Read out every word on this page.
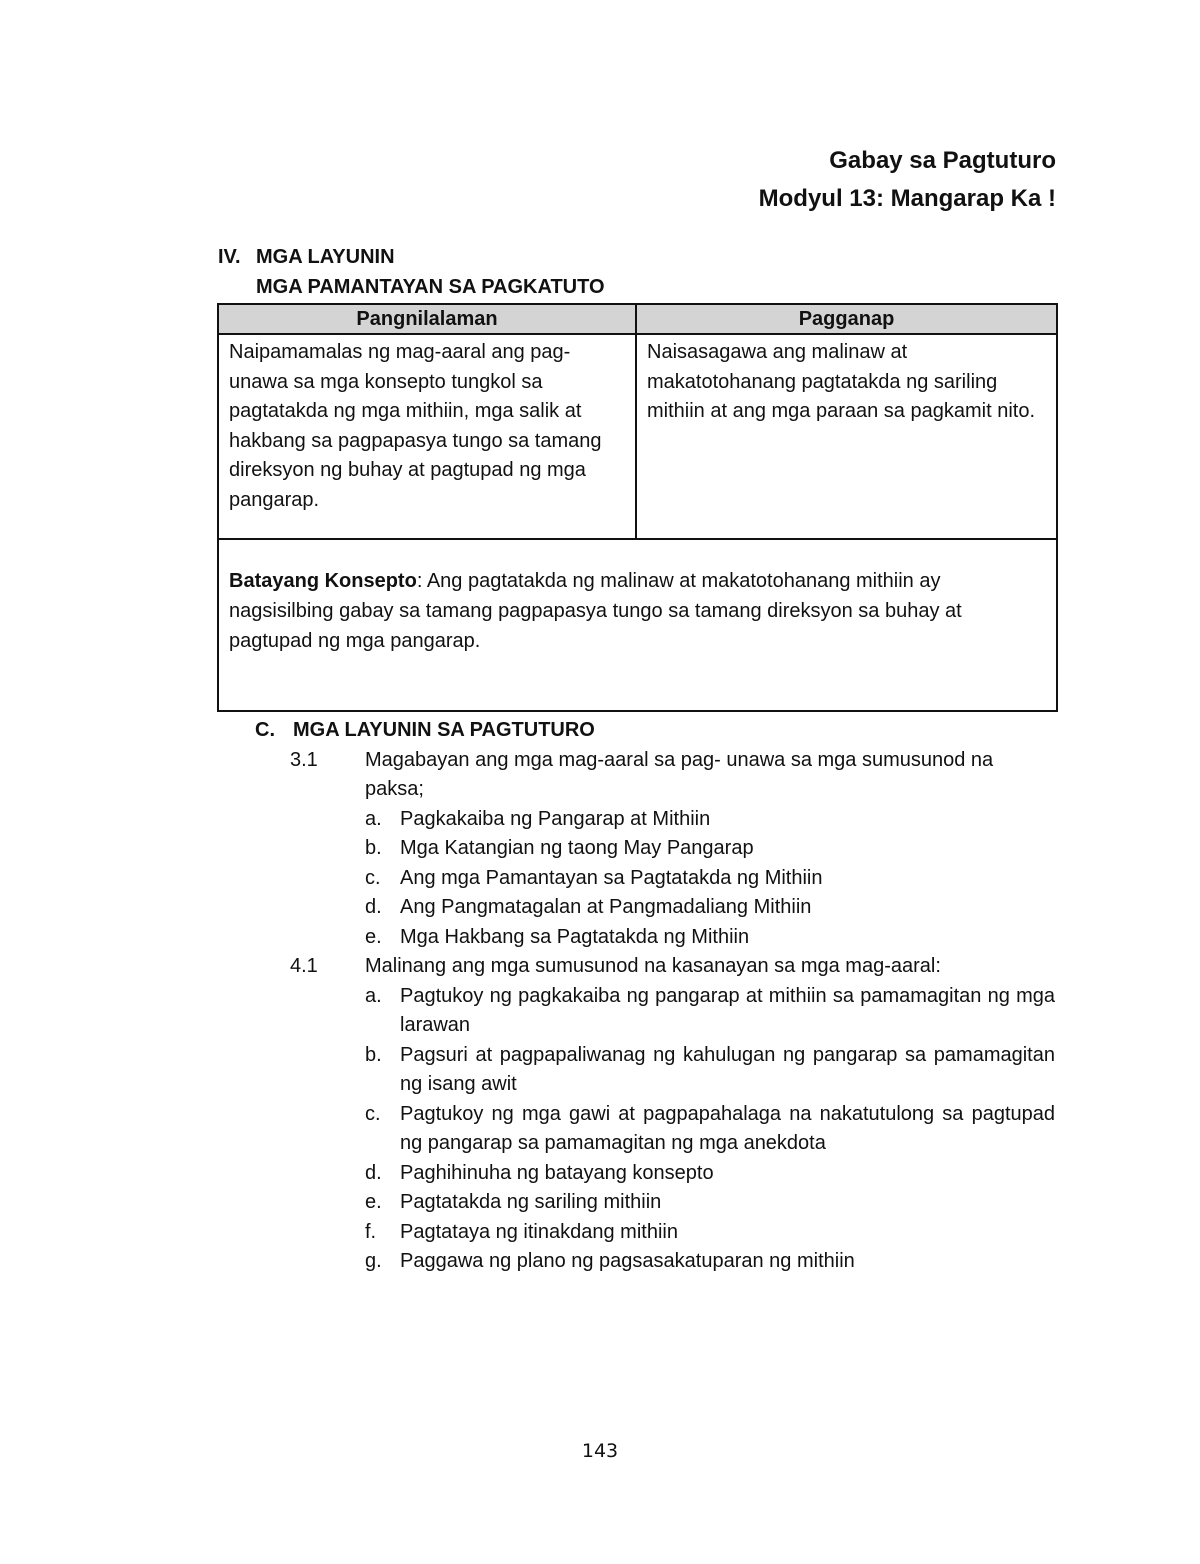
Gabay sa Pagtuturo
Modyul 13: Mangarap Ka !
IV. MGA LAYUNIN
MGA PAMANTAYAN SA PAGKATUTO
Pangnilalaman	Pagganap
Naipamamalas ng mag-aaral ang pag-unawa sa mga konsepto tungkol sa pagtatakda ng mga mithiin, mga salik at hakbang sa pagpapasya tungo sa tamang direksyon ng buhay at pagtupad ng mga pangarap.	Naisasagawa ang malinaw at makatotohanang pagtatakda ng sariling mithiin at ang mga paraan sa pagkamit nito.
Batayang Konsepto: Ang pagtatakda ng malinaw at makatotohanang mithiin ay nagsisilbing gabay sa tamang pagpapasya tungo sa tamang direksyon sa buhay at pagtupad ng mga pangarap.	
C. MGA LAYUNIN SA PAGTUTURO
3.1	Magabayan ang mga mag-aaral sa pag- unawa sa mga sumusunod na paksa;
a. Pagkakaiba ng Pangarap at Mithiin
b. Mga Katangian ng taong May Pangarap
c. Ang mga Pamantayan sa Pagtatakda ng Mithiin
d. Ang Pangmatagalan at Pangmadaliang Mithiin
e. Mga Hakbang sa Pagtatakda ng Mithiin
4.1	Malinang ang mga sumusunod na kasanayan sa mga mag-aaral:
a. Pagtukoy ng pagkakaiba ng pangarap at mithiin sa pamamagitan ng mga larawan
b. Pagsuri at pagpapaliwanag ng kahulugan ng pangarap sa pamamagitan ng isang awit
c. Pagtukoy ng mga gawi at pagpapahalaga na nakatutulong sa pagtupad ng pangarap sa pamamagitan ng mga anekdota
d. Paghihinuha ng batayang konsepto
e. Pagtatakda ng sariling mithiin
f.	Pagtataya ng itinakdang mithiin
g. Paggawa ng plano ng pagsasakatuparan ng mithiin
143
